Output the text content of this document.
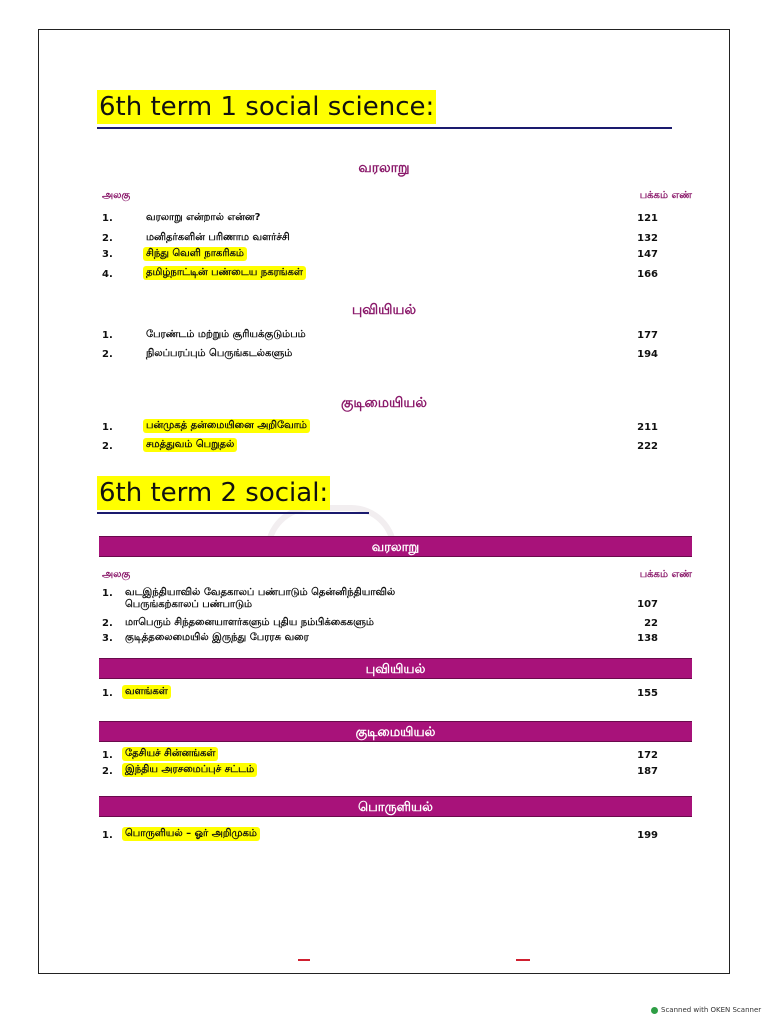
6th term 1 social science:
வரலாறு
அலகு	பக்கம் எண்
1.	வரலாறு என்றால் என்ன?	121
2.	மனிதர்களின் பரிணாம வளர்ச்சி	132
3.	சிந்து வெளி நாகரிகம்	147
4.	தமிழ்நாட்டின் பண்டைய நகரங்கள்	166
புவியியல்
1.	பேரண்டம் மற்றும் சூரியக்குடும்பம்	177
2.	நிலப்பரப்பும் பெருங்கடல்களும்	194
குடிமையியல்
1.	பன்முகத் தன்மையினை அறிவோம்	211
2.	சமத்துவம் பெறுதல்	222
6th term 2 social:
வரலாறு
அலகு	பக்கம் எண்
1. வடஇந்தியாவில் வேதகாலப் பண்பாடும் தென்னிந்தியாவில்
பெருங்கற்காலப் பண்பாடும்	107
2. மாபெரும் சிந்தனையாளர்களும் புதிய நம்பிக்கைகளும்	22
3. குடித்தலைமையில் இருந்து பேரரசு வரை	138
புவியியல்
1.	வளங்கள்	155
குடிமையியல்
1.	தேசியச் சின்னங்கள்	172
2.	இந்திய அரசமைப்புச் சட்டம்	187
பொருளியல்
1.	பொருளியல் – ஓர் அறிமுகம்	199
Scanned with OKEN Scanner
